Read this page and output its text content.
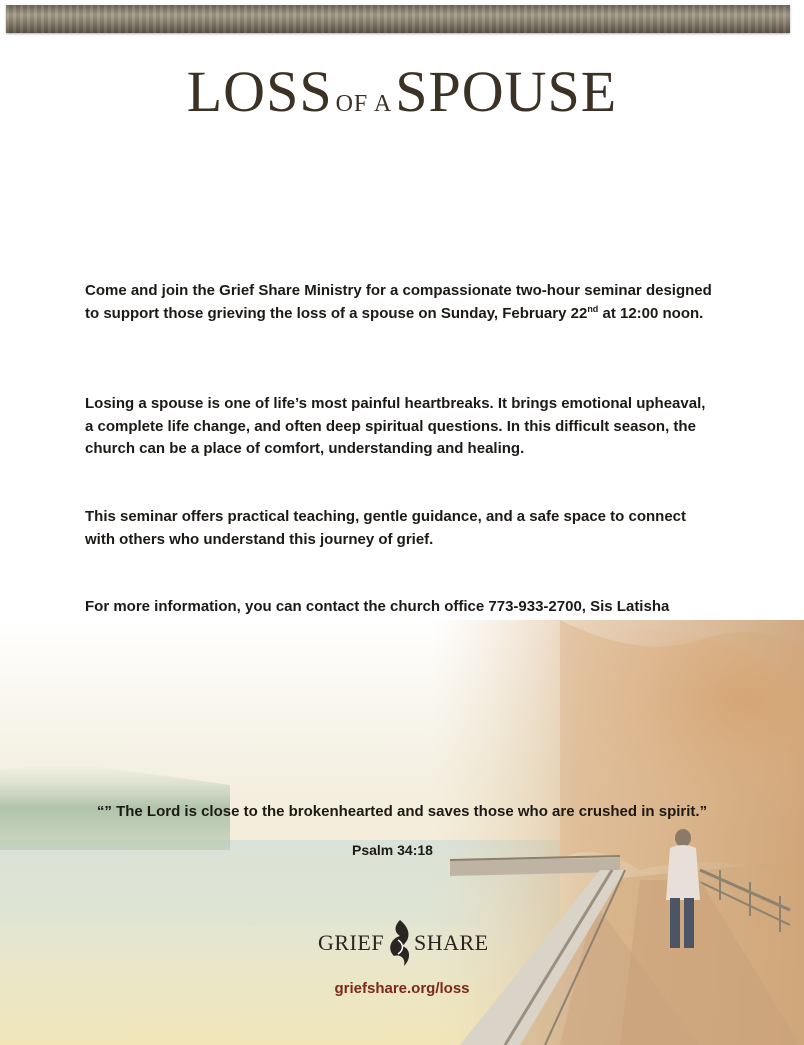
LOSS OF ASPOUSE
Come and join the Grief Share Ministry for a compassionate two-hour seminar designed to support those grieving the loss of a spouse on Sunday, February 22nd at 12:00 noon.
Losing a spouse is one of life’s most painful heartbreaks. It brings emotional upheaval, a complete life change, and often deep spiritual questions. In this difficult season, the church can be a place of comfort, understanding and healing.
This seminar offers practical teaching, gentle guidance, and a safe space to connect with others who understand this journey of grief.
For more information, you can contact the church office 773-933-2700, Sis Latisha
“” The Lord is close to the brokenhearted and saves those who are crushed in spirit.”
Psalm 34:18
GRIEF SHARE
griefshare.org/loss
